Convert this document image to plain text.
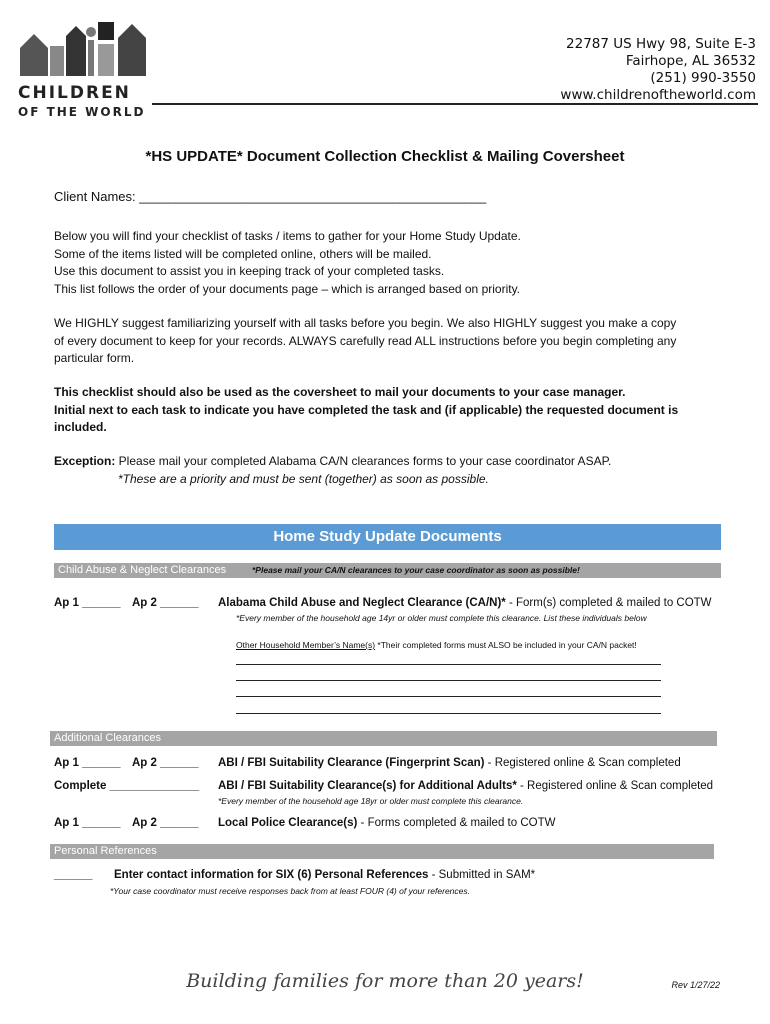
CHILDREN
OF THE WORLD
22787 US Hwy 98, Suite E-3
Fairhope, AL 36532
(251) 990-3550
www.childrenoftheworld.com
*HS UPDATE* Document Collection Checklist & Mailing Coversheet
Client Names: ________________________________________________
Below you will find your checklist of tasks / items to gather for your Home Study Update.
Some of the items listed will be completed online, others will be mailed.
Use this document to assist you in keeping track of your completed tasks.
This list follows the order of your documents page – which is arranged based on priority.
We HIGHLY suggest familiarizing yourself with all tasks before you begin. We also HIGHLY suggest you make a copy
of every document to keep for your records. ALWAYS carefully read ALL instructions before you begin completing any
particular form.
This checklist should also be used as the coversheet to mail your documents to your case manager.
Initial next to each task to indicate you have completed the task and (if applicable) the requested document is
included.
Exception: Please mail your completed Alabama CA/N clearances forms to your case coordinator ASAP.
*These are a priority and must be sent (together) as soon as possible.
Home Study Update Documents
Child Abuse & Neglect Clearances	*Please mail your CA/N clearances to your case coordinator as soon as possible!
Ap 1 ______ Ap 2 ______ Alabama Child Abuse and Neglect Clearance (CA/N)* - Form(s) completed & mailed to COTW
*Every member of the household age 14yr or older must complete this clearance. List these individuals below
Other Household Member’s Name(s) *Their completed forms must ALSO be included in your CA/N packet!
Additional Clearances
Ap 1 ______ Ap 2 ______ ABI / FBI Suitability Clearance (Fingerprint Scan) - Registered online & Scan completed
Complete ______________ ABI / FBI Suitability Clearance(s) for Additional Adults* - Registered online & Scan completed
*Every member of the household age 18yr or older must complete this clearance.
Ap 1 ______ Ap 2 ______ Local Police Clearance(s) - Forms completed & mailed to COTW
Personal References
______ Enter contact information for SIX (6) Personal References - Submitted in SAM*
*Your case coordinator must receive responses back from at least FOUR (4) of your references.
Building families for more than 20 years!	Rev 1/27/22
